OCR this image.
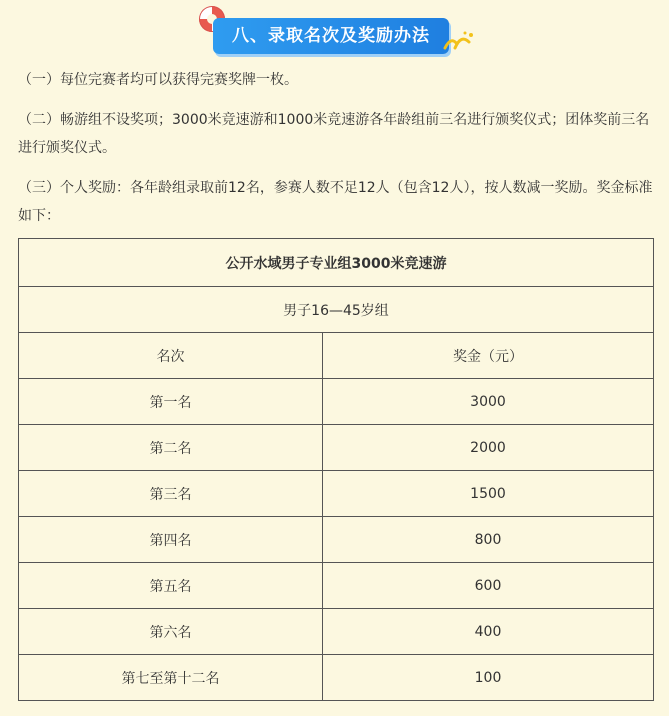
八、录取名次及奖励办法

（一）每位完赛者均可以获得完赛奖牌一枚。

（二）畅游组不设奖项；3000米竞速游和1000米竞速游各年龄组前三名进行颁奖仪式；团体奖前三名进行颁奖仪式。

（三）个人奖励：各年龄组录取前12名，参赛人数不足12人（包含12人），按人数减一奖励。奖金标准如下：

公开水域男子专业组3000米竞速游	
男子16—45岁组	
名次	奖金（元）
第一名	3000
第二名	2000
第三名	1500
第四名	800
第五名	600
第六名	400
第七至第十二名	100
